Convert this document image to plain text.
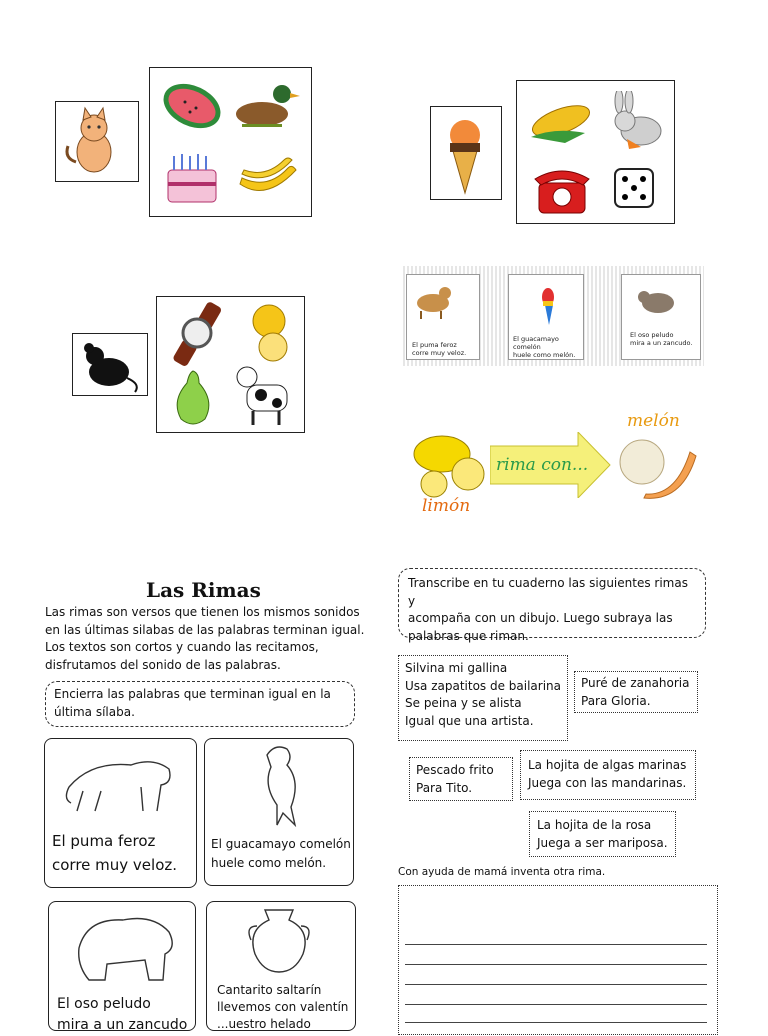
El puma feroz
corre muy veloz.
El guacamayo comelón
huele como melón.
El oso peludo
mira a un zancudo.
limón
rima con...
melón
Las Rimas
Las rimas son versos que tienen los mismos sonidos
en las últimas silabas de las palabras terminan igual.
Los textos son cortos y cuando las recitamos,
disfrutamos del sonido de las palabras.
Encierra las palabras que terminan igual en la
última sílaba.
El puma feroz
corre muy veloz.
El guacamayo comelón
huele como melón.
El oso peludo
mira a un zancudo
Cantarito saltarín
llevemos con valentín
...uestro helado
Transcribe en tu cuaderno las siguientes rimas y
acompaña con un dibujo. Luego subraya las
palabras que riman.
Silvina mi gallina
Usa zapatitos de bailarina
Se peina y se alista
Igual que una artista.
Puré de zanahoria
Para Gloria.
Pescado frito
Para Tito.
La hojita de algas marinas
Juega con las mandarinas.
La hojita de la rosa
Juega a ser mariposa.
Con ayuda de mamá inventa otra rima.
